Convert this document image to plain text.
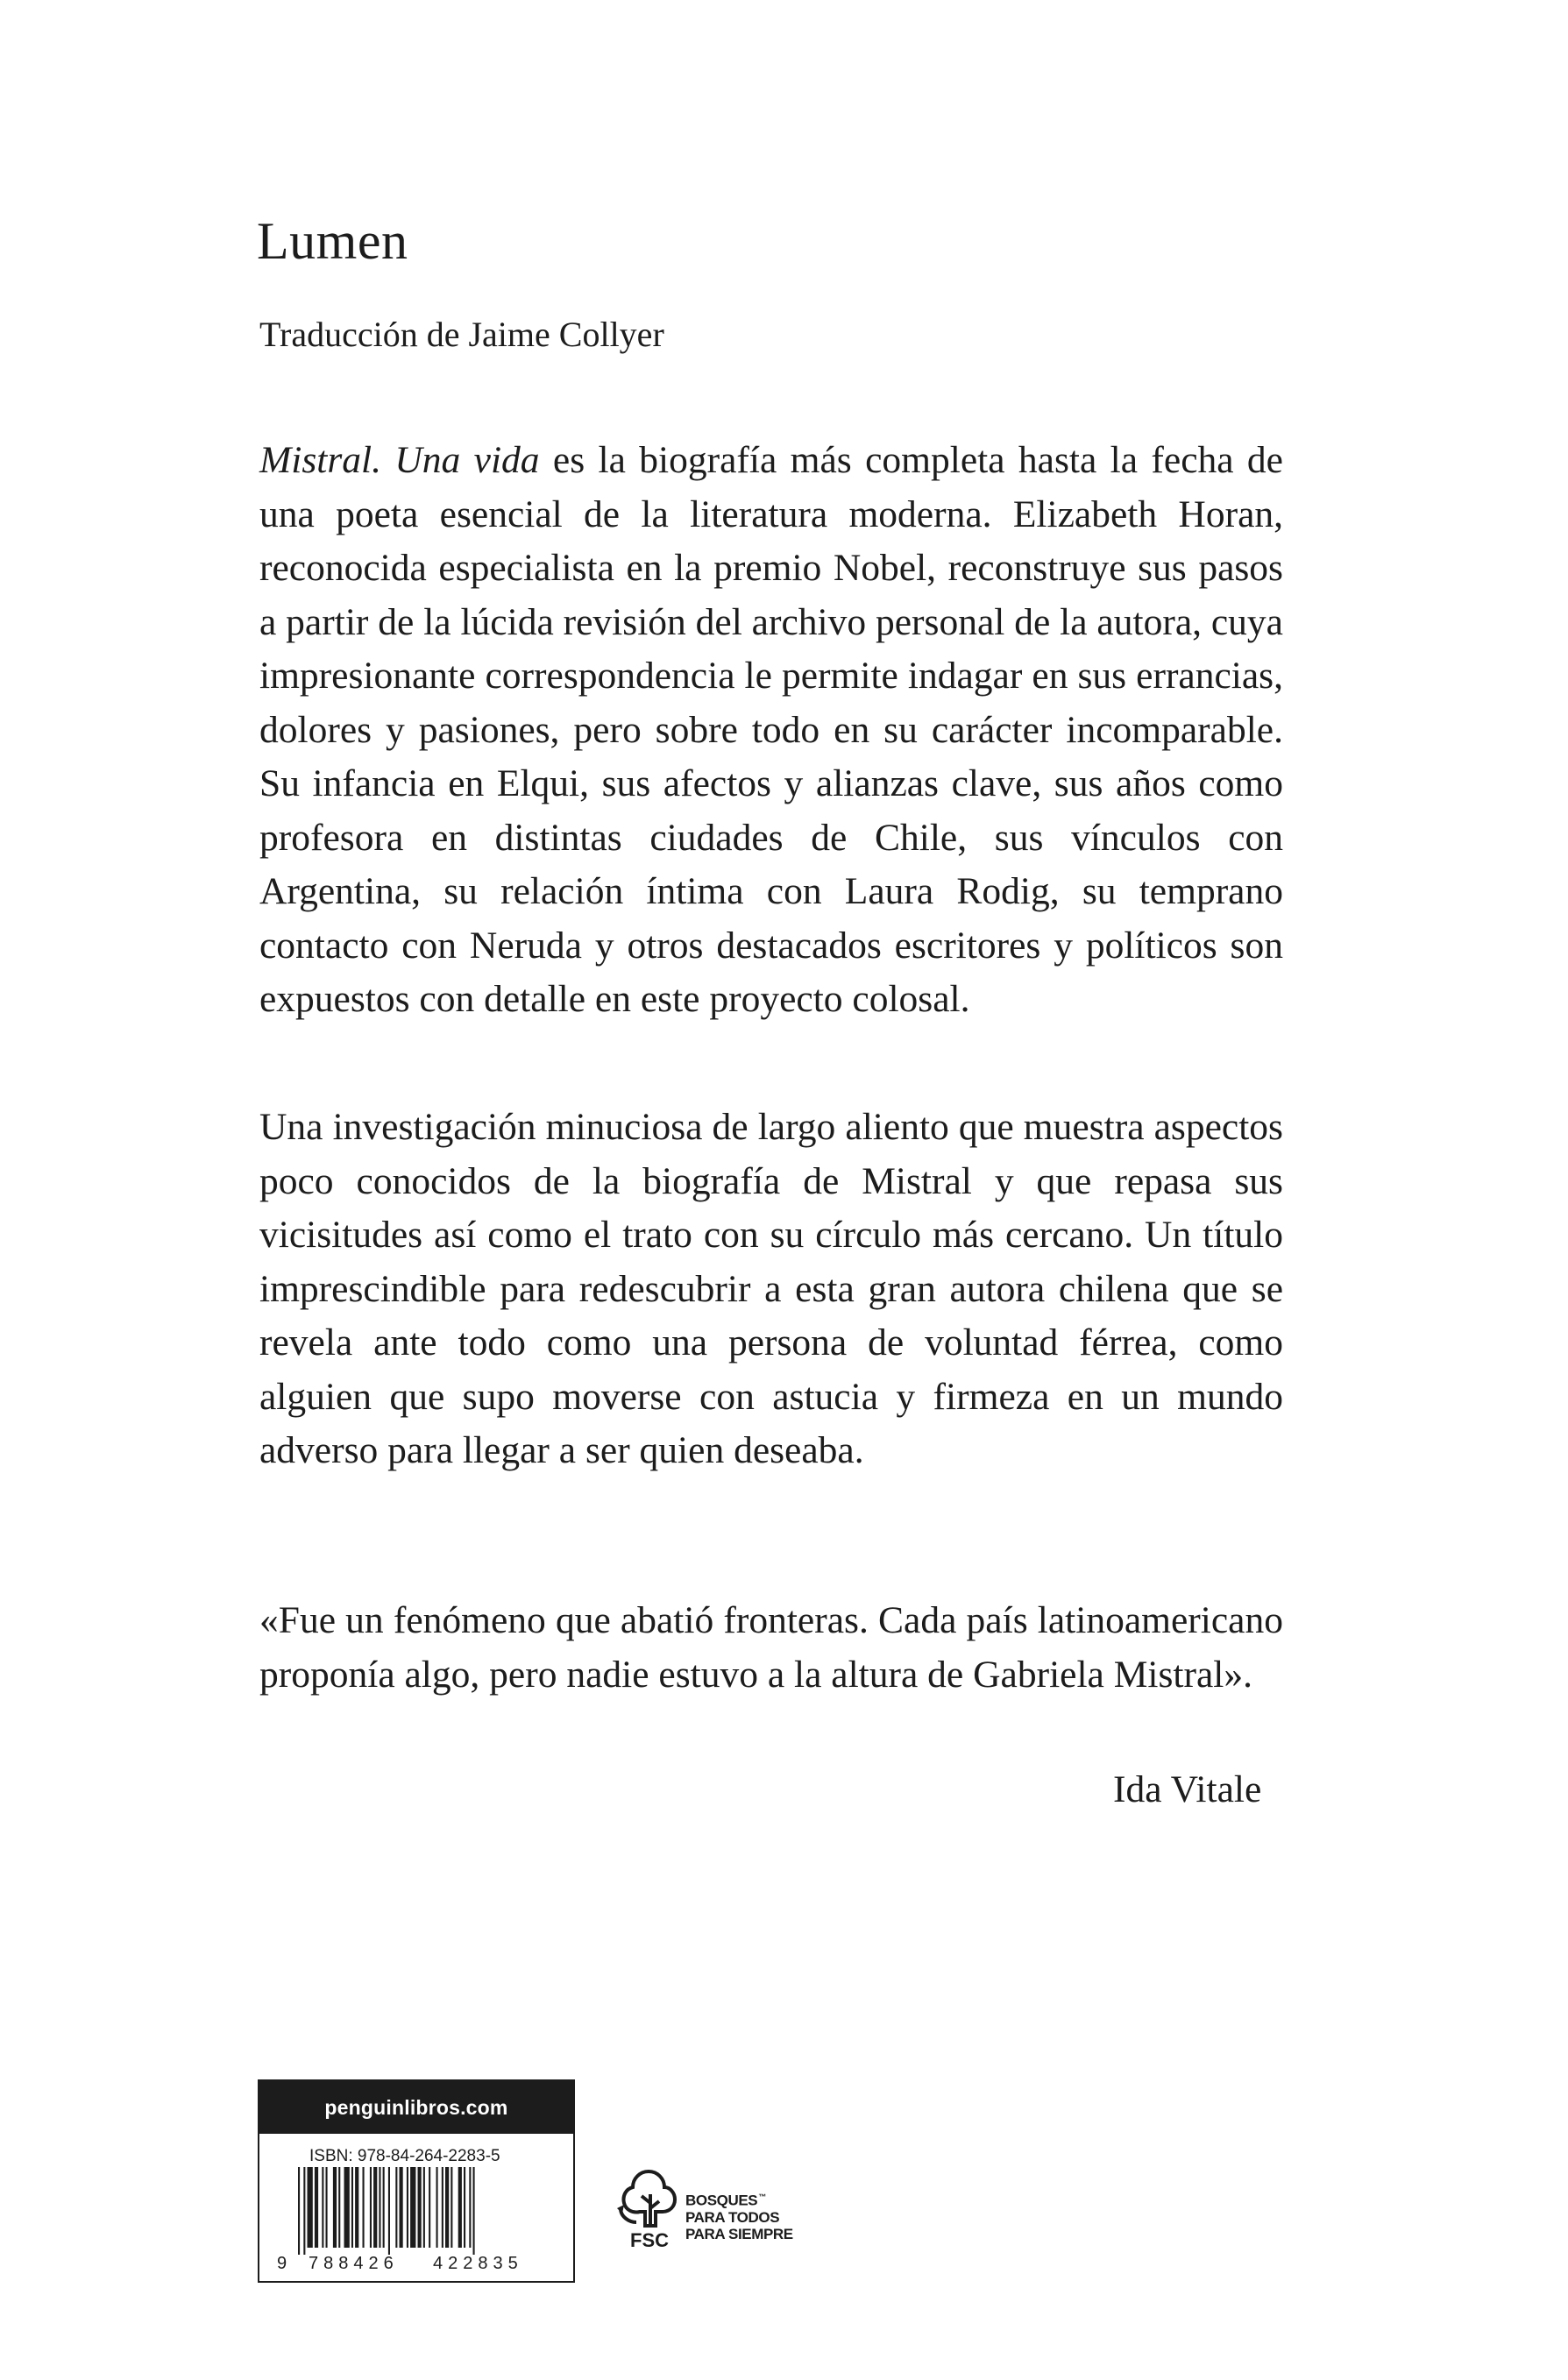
Lumen
Traducción de Jaime Collyer

Mistral. Una vida es la biografía más completa hasta la fecha de una poeta esencial de la literatura moderna. Elizabeth Horan, reconocida especialista en la premio Nobel, reconstruye sus pasos a partir de la lúcida revisión del archivo personal de la autora, cuya impresionante correspondencia le permite indagar en sus errancias, dolores y pasiones, pero sobre todo en su carácter incomparable. Su infancia en Elqui, sus afectos y alianzas clave, sus años como profesora en distintas ciudades de Chile, sus vínculos con Argentina, su relación íntima con Laura Rodig, su temprano contacto con Neruda y otros destacados escritores y políticos son expuestos con detalle en este proyecto colosal.

Una investigación minuciosa de largo aliento que muestra aspectos poco conocidos de la biografía de Mistral y que repasa sus vicisitudes así como el trato con su círculo más cercano. Un título imprescindible para redescubrir a esta gran autora chilena que se revela ante todo como una persona de voluntad férrea, como alguien que supo moverse con astucia y firmeza en un mundo adverso para llegar a ser quien deseaba.

«Fue un fenómeno que abatió fronteras. Cada país latinoamericano proponía algo, pero nadie estuvo a la altura de Gabriela Mistral».

Ida Vitale
penguinlibros.com
ISBN: 978-84-264-2283-5
9 788426 422835
FSC
BOSQUES™
PARA TODOS
PARA SIEMPRE
